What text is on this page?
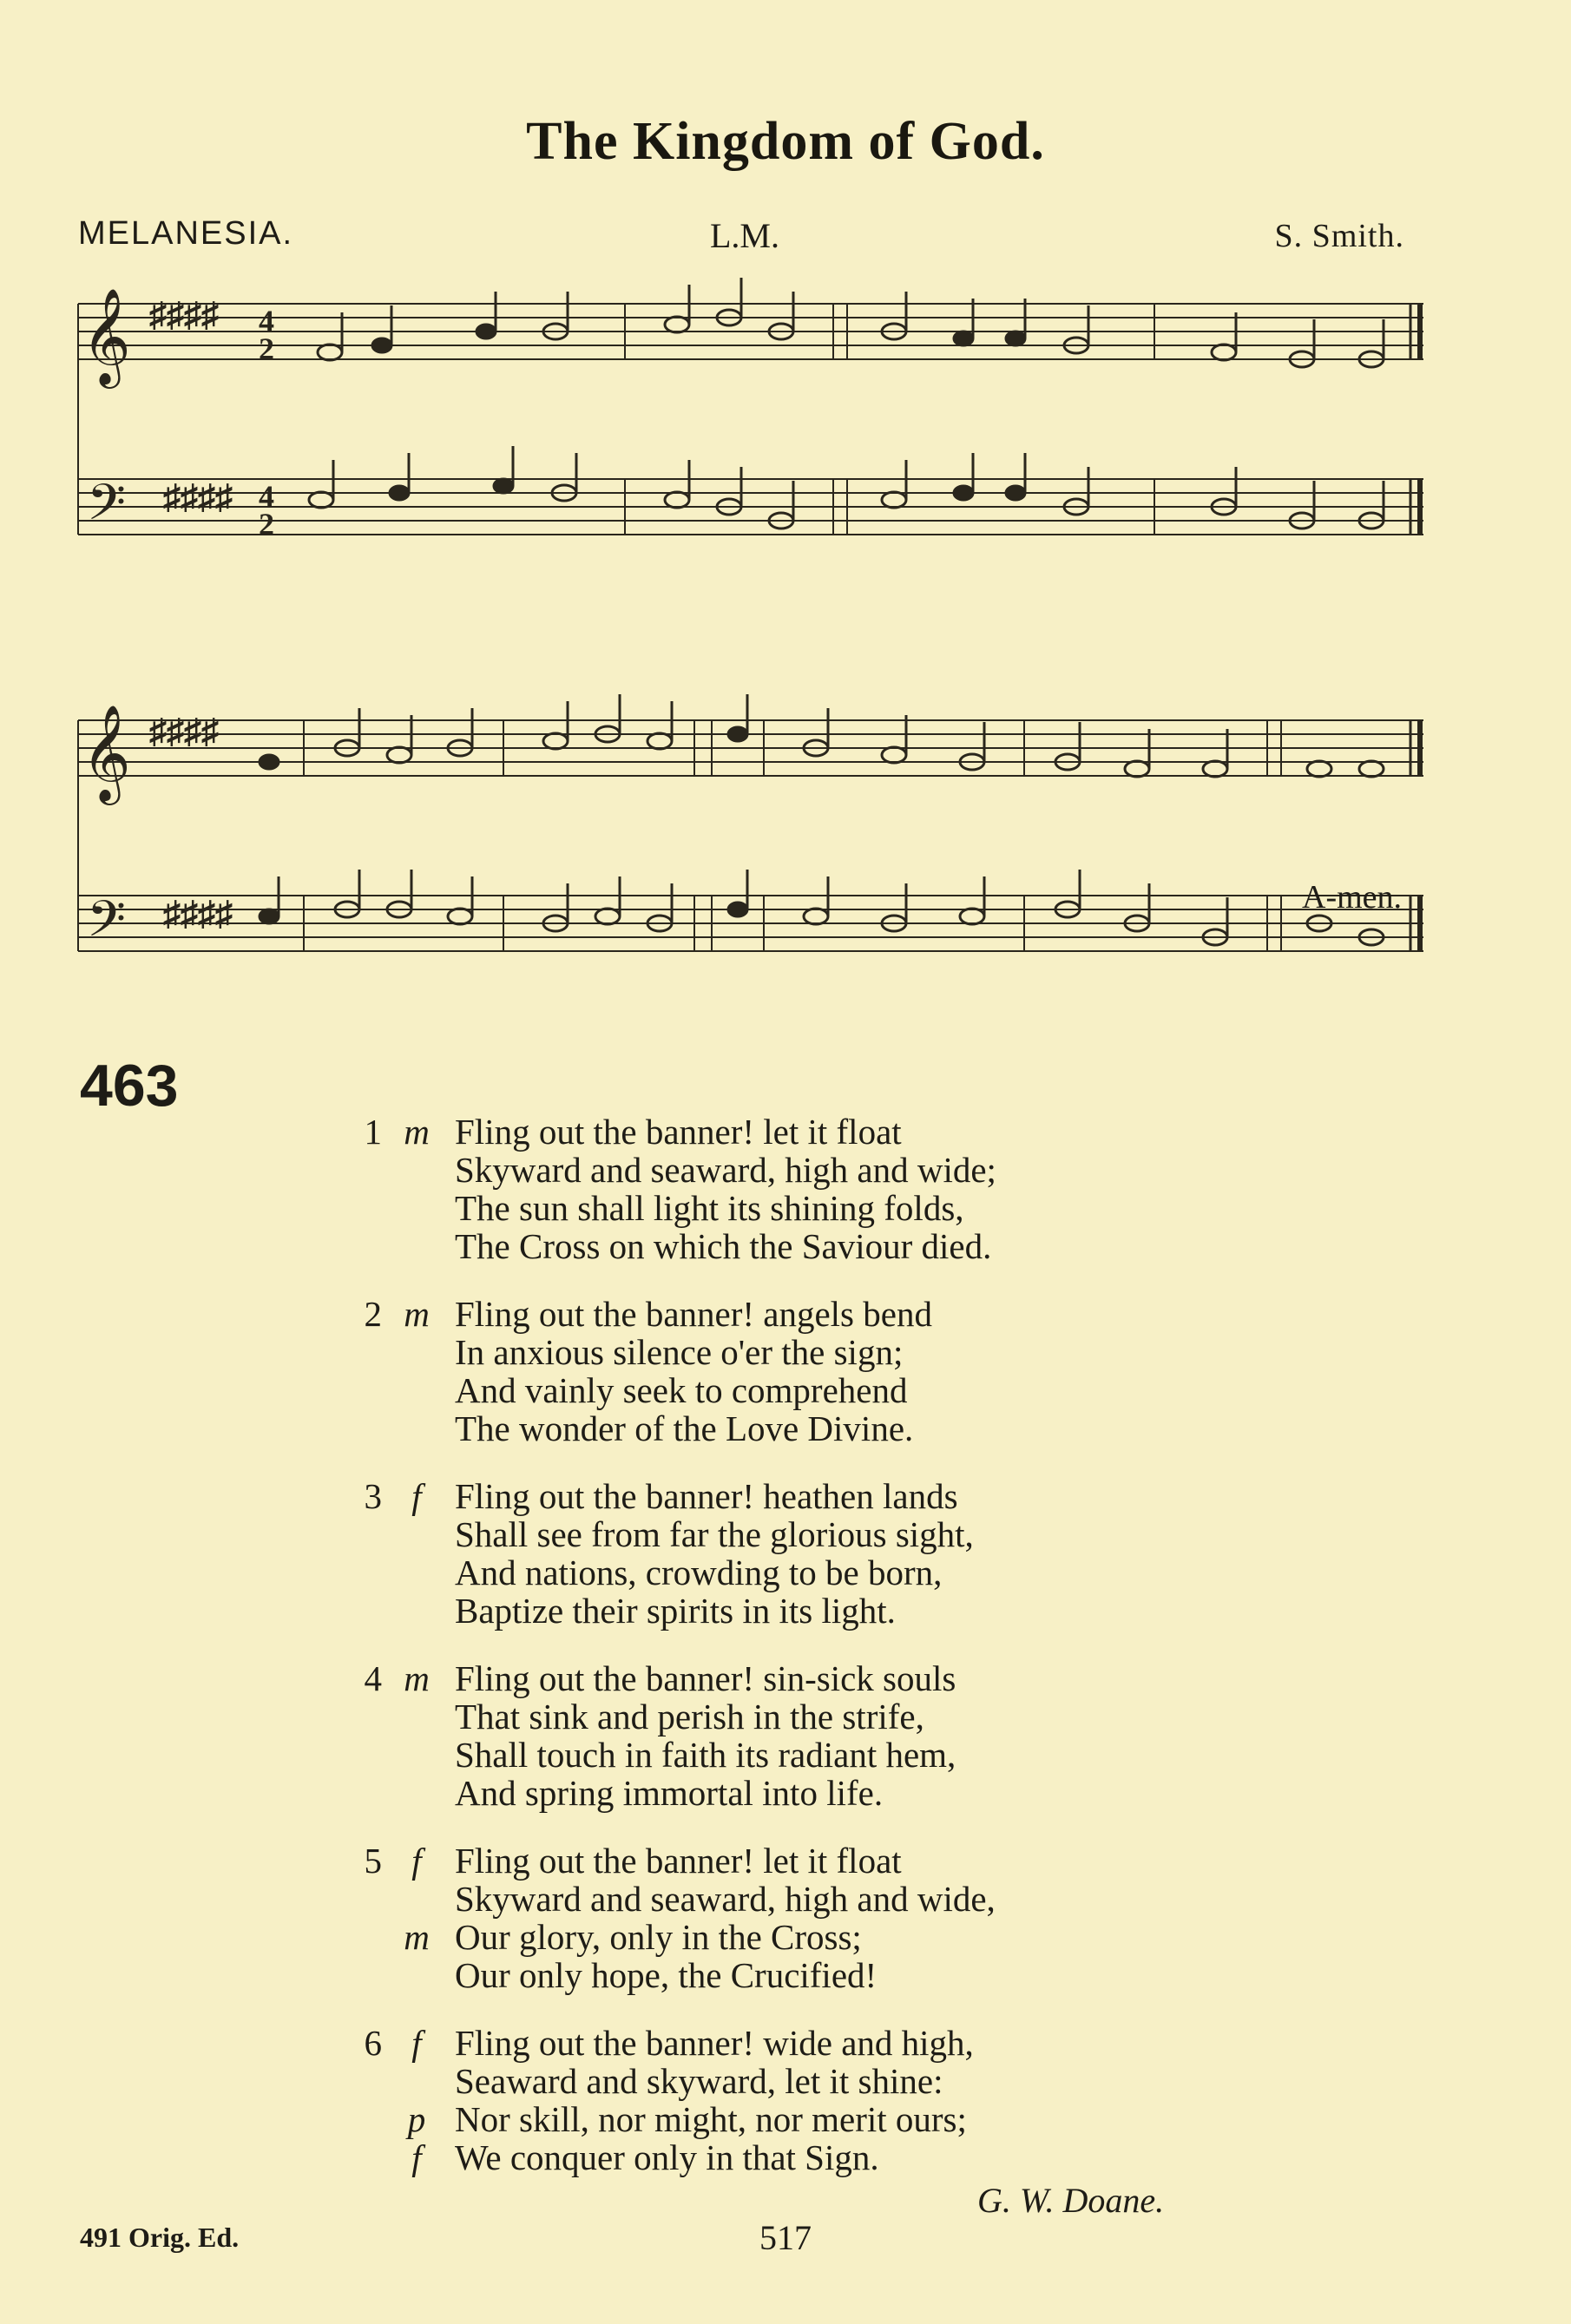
The Kingdom of God.
MELANESIA.	L.M.	S. Smith.
𝄞
𝄢
♯♯♯♯
♯♯♯♯
4
2
4
2
𝄞
𝄢
♯♯♯♯
♯♯♯♯	A-men.
463
1 m Fling out the banner! let it float
Skyward and seaward, high and wide;
The sun shall light its shining folds,
The Cross on which the Saviour died.
2 m Fling out the banner! angels bend
In anxious silence o'er the sign;
And vainly seek to comprehend
The wonder of the Love Divine.
3 f Fling out the banner! heathen lands
Shall see from far the glorious sight,
And nations, crowding to be born,
Baptize their spirits in its light.
4 m Fling out the banner! sin-sick souls
That sink and perish in the strife,
Shall touch in faith its radiant hem,
And spring immortal into life.
5 f Fling out the banner! let it float
Skyward and seaward, high and wide,
m Our glory, only in the Cross;
Our only hope, the Crucified!
6 f Fling out the banner! wide and high,
Seaward and skyward, let it shine:
p Nor skill, nor might, nor merit ours;
f We conquer only in that Sign.
G. W. Doane.
491 Orig. Ed.	517
